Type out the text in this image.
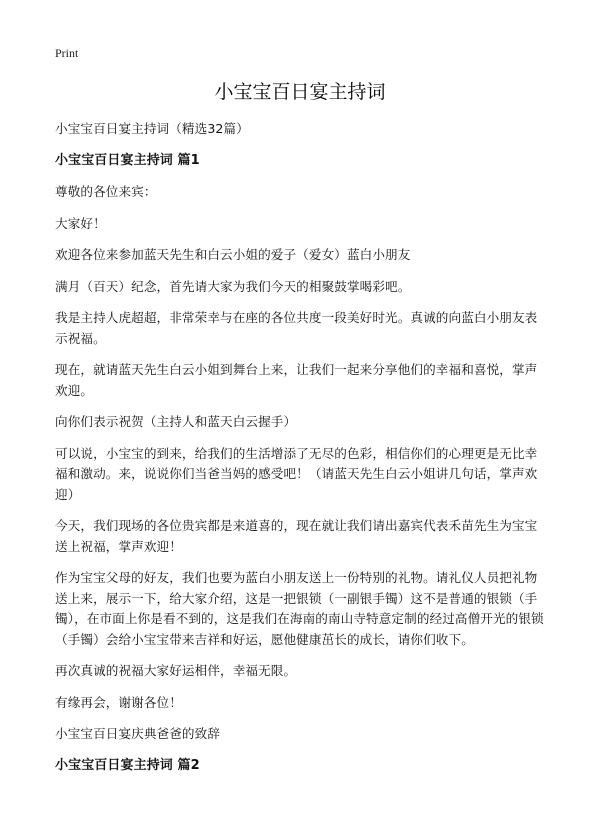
Print
小宝宝百日宴主持词

小宝宝百日宴主持词（精选32篇）

小宝宝百日宴主持词 篇1

尊敬的各位来宾：

大家好！

欢迎各位来参加蓝天先生和白云小姐的爱子（爱女）蓝白小朋友

满月（百天）纪念，首先请大家为我们今天的相聚鼓掌喝彩吧。

我是主持人虎超超，非常荣幸与在座的各位共度一段美好时光。真诚的向蓝白小朋友表示祝福。

现在，就请蓝天先生白云小姐到舞台上来，让我们一起来分享他们的幸福和喜悦，掌声欢迎。

向你们表示祝贺（主持人和蓝天白云握手）

可以说，小宝宝的到来，给我们的生活增添了无尽的色彩，相信你们的心理更是无比幸福和激动。来，说说你们当爸当妈的感受吧！（请蓝天先生白云小姐讲几句话，掌声欢迎）

今天，我们现场的各位贵宾都是来道喜的，现在就让我们请出嘉宾代表禾苗先生为宝宝送上祝福，掌声欢迎！

作为宝宝父母的好友，我们也要为蓝白小朋友送上一份特别的礼物。请礼仪人员把礼物送上来，展示一下，给大家介绍，这是一把银锁（一副银手镯）这不是普通的银锁（手镯），在市面上你是看不到的，这是我们在海南的南山寺特意定制的经过高僧开光的银锁（手镯）会给小宝宝带来吉祥和好运，愿他健康茁长的成长，请你们收下。

再次真诚的祝福大家好运相伴，幸福无限。

有缘再会，谢谢各位！

小宝宝百日宴庆典爸爸的致辞

小宝宝百日宴主持词 篇2
